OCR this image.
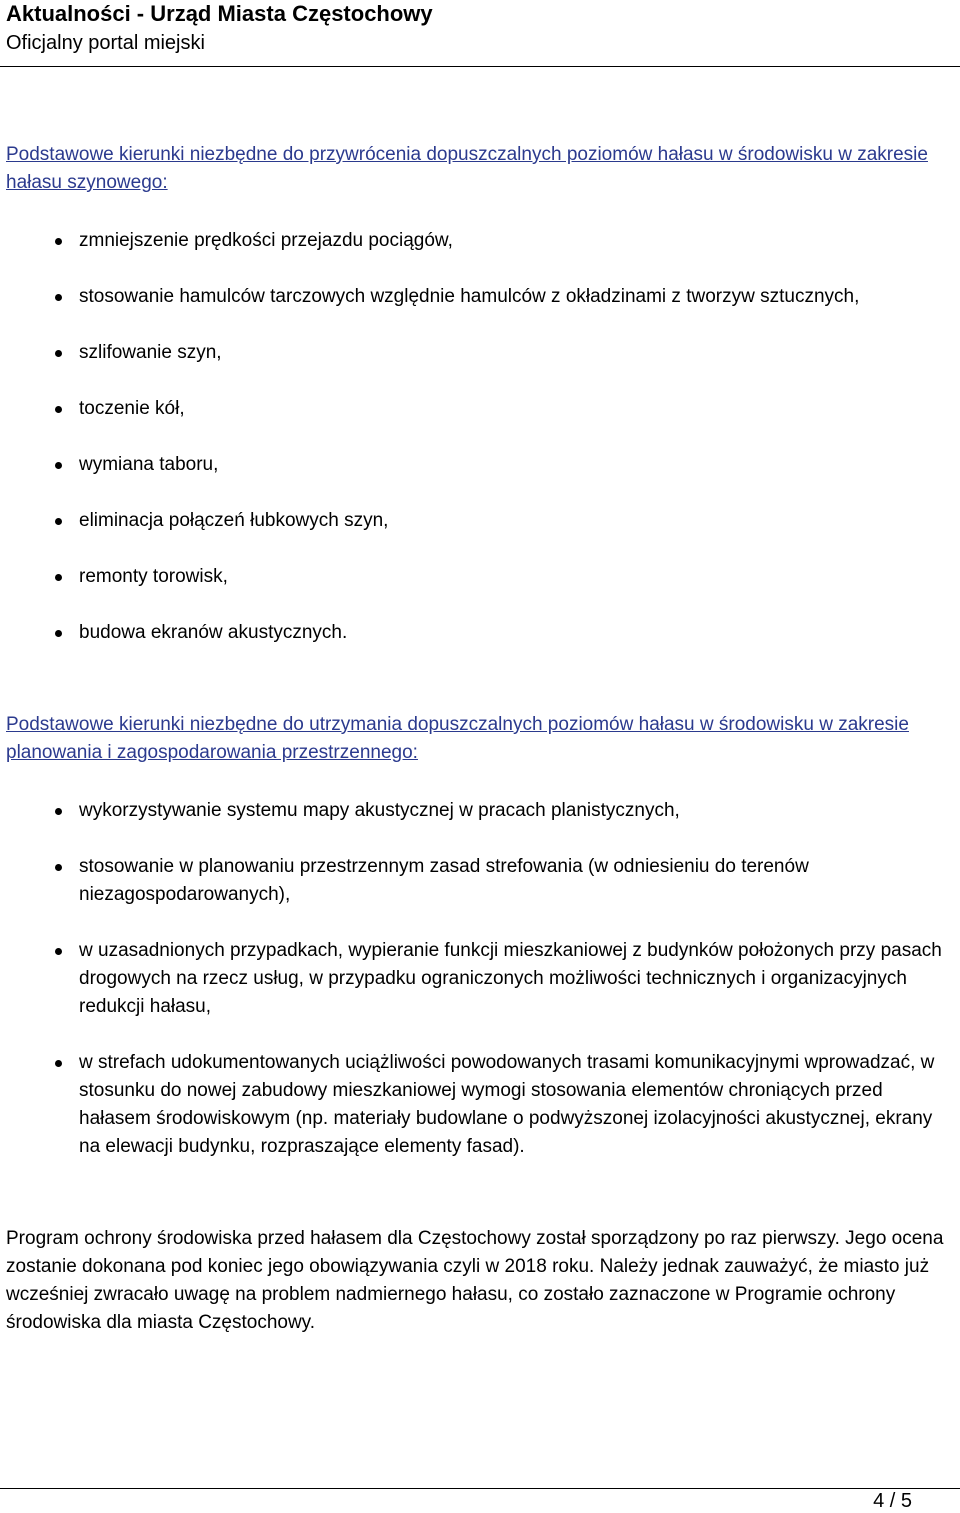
Aktualności - Urząd Miasta Częstochowy
Oficjalny portal miejski
Podstawowe kierunki niezbędne do przywrócenia dopuszczalnych poziomów hałasu w środowisku w zakresie hałasu szynowego:
zmniejszenie prędkości przejazdu pociągów,
stosowanie hamulców tarczowych względnie hamulców z okładzinami z tworzyw sztucznych,
szlifowanie szyn,
toczenie kół,
wymiana taboru,
eliminacja połączeń łubkowych szyn,
remonty torowisk,
budowa ekranów akustycznych.
Podstawowe kierunki niezbędne do utrzymania dopuszczalnych poziomów hałasu w środowisku w zakresie planowania i zagospodarowania przestrzennego:
wykorzystywanie systemu mapy akustycznej w pracach planistycznych,
stosowanie w planowaniu przestrzennym zasad strefowania (w odniesieniu do terenów niezagospodarowanych),
w uzasadnionych przypadkach, wypieranie funkcji mieszkaniowej z budynków położonych przy pasach drogowych na rzecz usług, w przypadku ograniczonych możliwości technicznych i organizacyjnych redukcji hałasu,
w strefach udokumentowanych uciążliwości powodowanych trasami komunikacyjnymi wprowadzać, w stosunku do nowej zabudowy mieszkaniowej wymogi stosowania elementów chroniących przed hałasem środowiskowym (np. materiały budowlane o podwyższonej izolacyjności akustycznej, ekrany na elewacji budynku, rozpraszające elementy fasad).

Program ochrony środowiska przed hałasem dla Częstochowy został sporządzony po raz pierwszy. Jego ocena zostanie dokonana pod koniec jego obowiązywania czyli w 2018 roku. Należy jednak zauważyć, że miasto już wcześniej zwracało uwagę na problem nadmiernego hałasu, co zostało zaznaczone w Programie ochrony środowiska dla miasta Częstochowy.

4 / 5
